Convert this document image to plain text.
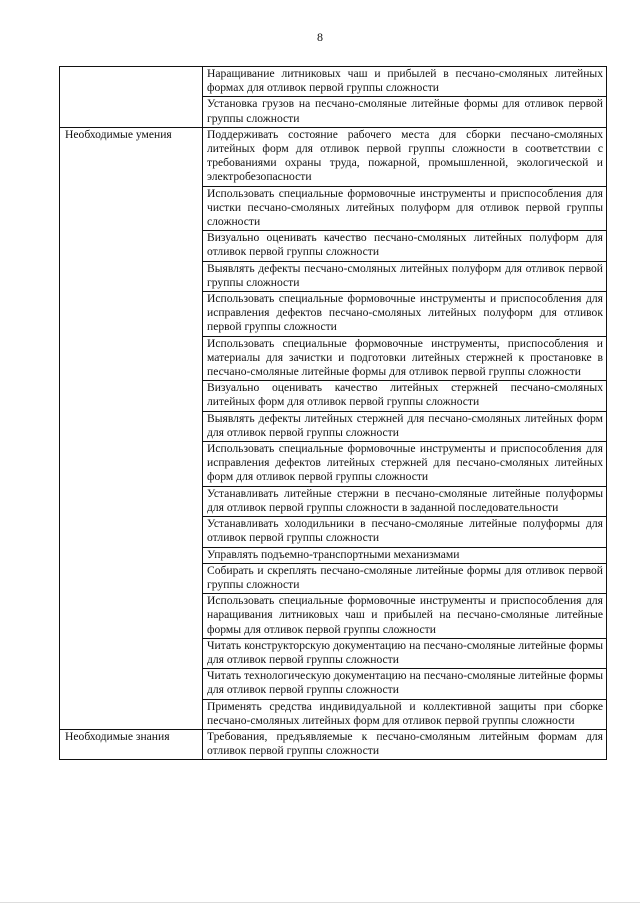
8
	Наращивание литниковых чаш и прибылей в песчано-смоляных литейных формах для отливок первой группы сложности
	Установка грузов на песчано-смоляные литейные формы для отливок первой группы сложности
Необходимые умения	Поддерживать состояние рабочего места для сборки песчано-смоляных литейных форм для отливок первой группы сложности в соответствии с требованиями охраны труда, пожарной, промышленной, экологической и электробезопасности
	Использовать специальные формовочные инструменты и приспособления для чистки песчано-смоляных литейных полуформ для отливок первой группы сложности
	Визуально оценивать качество песчано-смоляных литейных полуформ для отливок первой группы сложности
	Выявлять дефекты песчано-смоляных литейных полуформ для отливок первой группы сложности
	Использовать специальные формовочные инструменты и приспособления для исправления дефектов песчано-смоляных литейных полуформ для отливок первой группы сложности
	Использовать специальные формовочные инструменты, приспособления и материалы для зачистки и подготовки литейных стержней к простановке в песчано-смоляные литейные формы для отливок первой группы сложности
	Визуально оценивать качество литейных стержней песчано-смоляных литейных форм для отливок первой группы сложности
	Выявлять дефекты литейных стержней для песчано-смоляных литейных форм для отливок первой группы сложности
	Использовать специальные формовочные инструменты и приспособления для исправления дефектов литейных стержней для песчано-смоляных литейных форм для отливок первой группы сложности
	Устанавливать литейные стержни в песчано-смоляные литейные полуформы для отливок первой группы сложности в заданной последовательности
	Устанавливать холодильники в песчано-смоляные литейные полуформы для отливок первой группы сложности
	Управлять подъемно-транспортными механизмами
	Собирать и скреплять песчано-смоляные литейные формы для отливок первой группы сложности
	Использовать специальные формовочные инструменты и приспособления для наращивания литниковых чаш и прибылей на песчано-смоляные литейные формы для отливок первой группы сложности
	Читать конструкторскую документацию на песчано-смоляные литейные формы для отливок первой группы сложности
	Читать технологическую документацию на песчано-смоляные литейные формы для отливок первой группы сложности
	Применять средства индивидуальной и коллективной защиты при сборке песчано-смоляных литейных форм для отливок первой группы сложности
Необходимые знания	Требования, предъявляемые к песчано-смоляным литейным формам для отливок первой группы сложности
